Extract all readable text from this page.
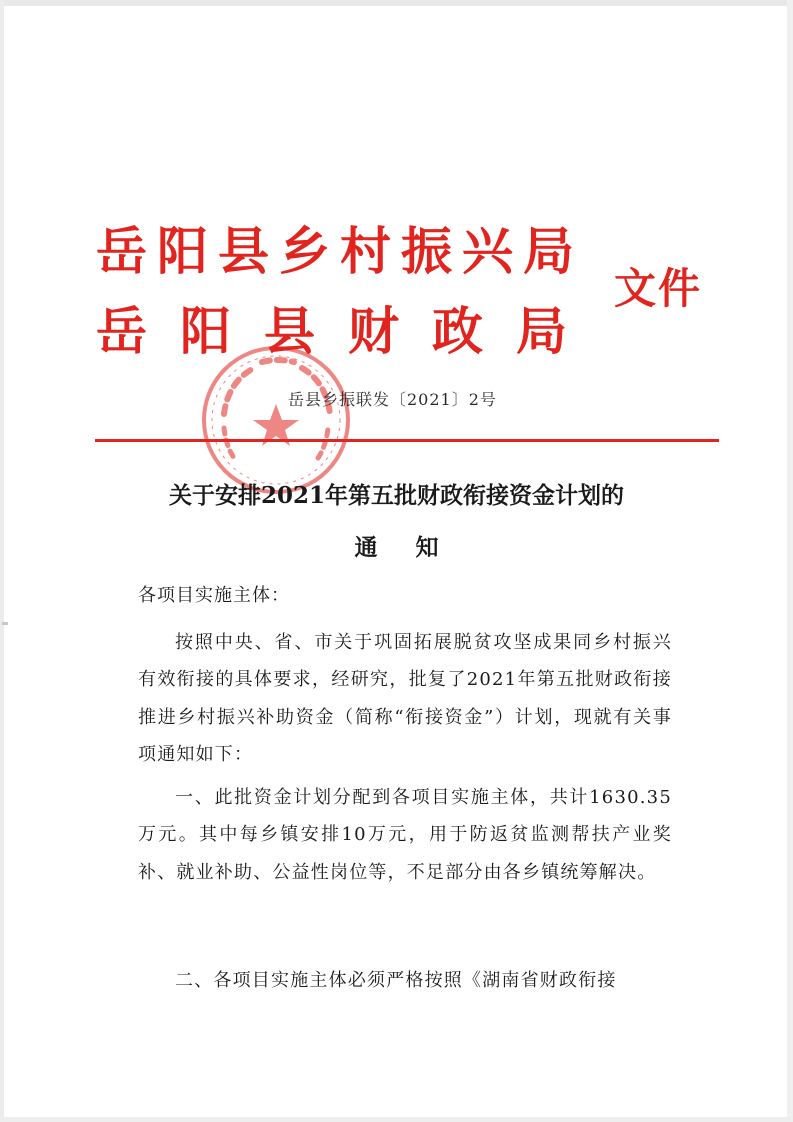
岳阳县乡村振兴局
岳阳县财政局
文件
岳县乡振联发〔2021〕2号
关于安排2021年第五批财政衔接资金计划的
通知
各项目实施主体：
按照中央、省、市关于巩固拓展脱贫攻坚成果同乡村振兴有效衔接的具体要求，经研究，批复了2021年第五批财政衔接推进乡村振兴补助资金（简称“衔接资金”）计划，现就有关事项通知如下：
一、此批资金计划分配到各项目实施主体，共计1630.35万元。其中每乡镇安排10万元，用于防返贫监测帮扶产业奖补、就业补助、公益性岗位等，不足部分由各乡镇统筹解决。
二、各项目实施主体必须严格按照《湖南省财政衔接
